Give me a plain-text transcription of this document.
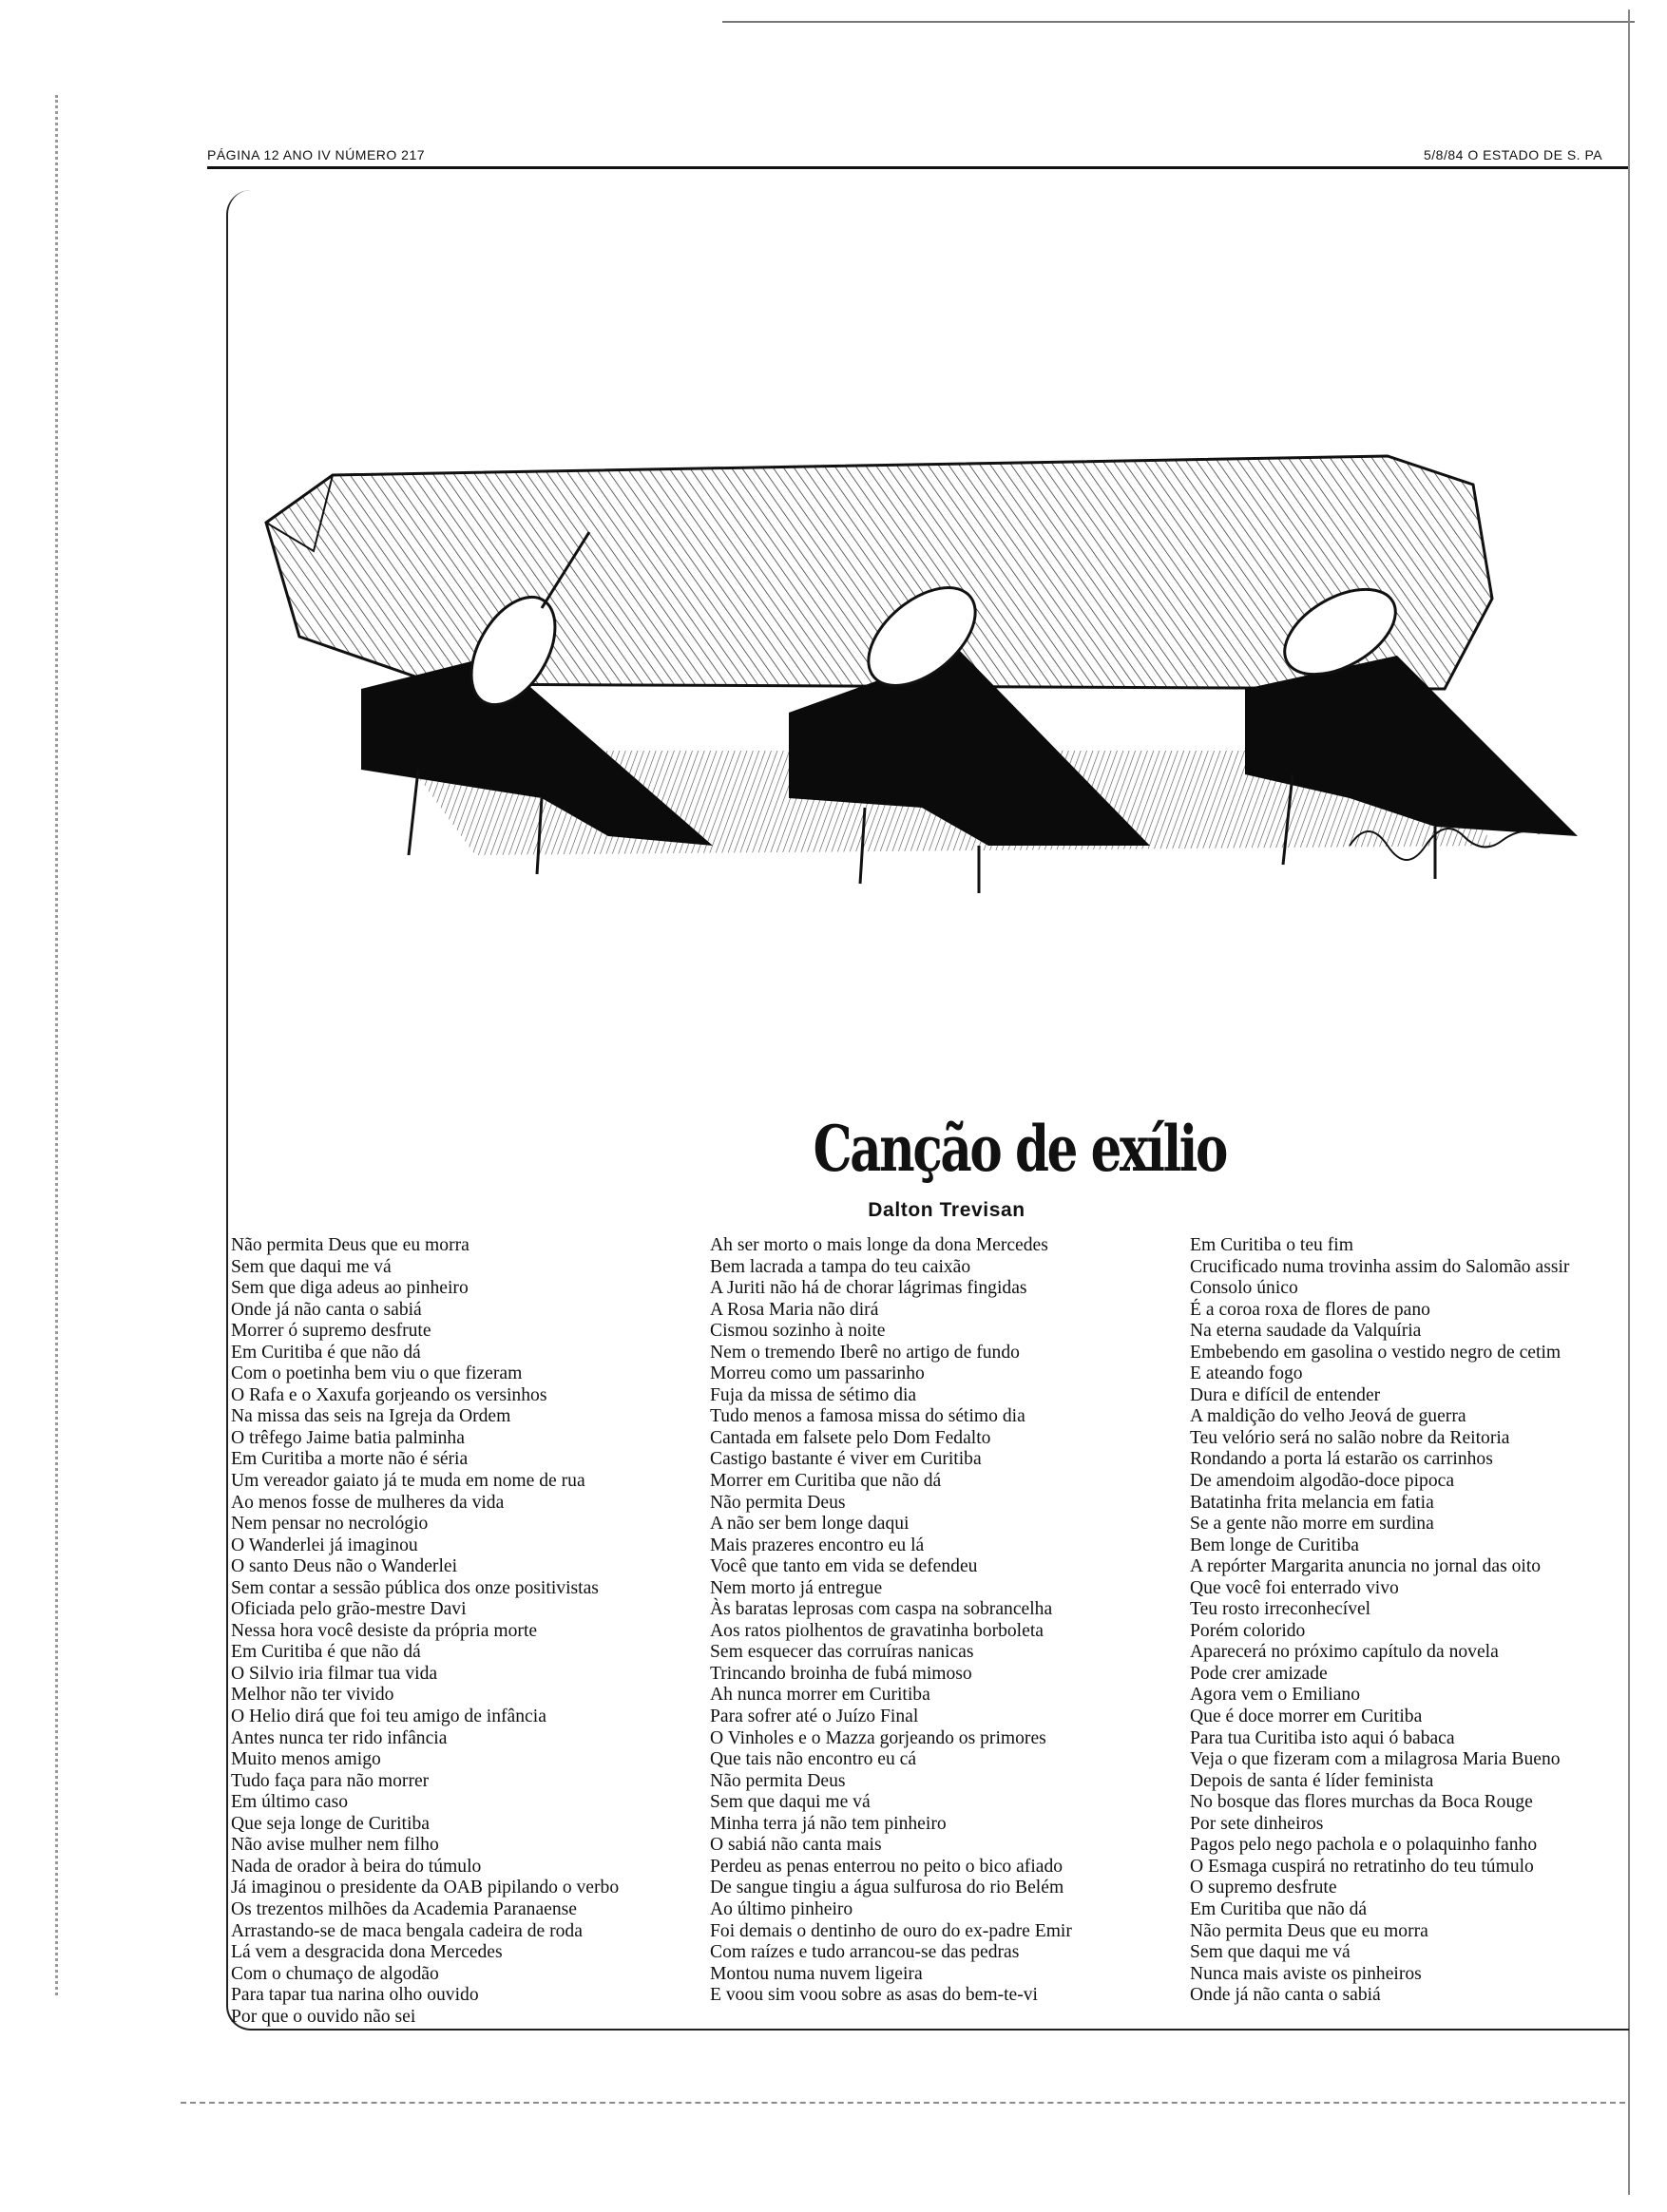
PÁGINA 12 ANO IV NÚMERO 217	5/8/84 O ESTADO DE S. PA
Canção de exílio
Dalton Trevisan
Não permita Deus que eu morra
Sem que daqui me vá
Sem que diga adeus ao pinheiro
Onde já não canta o sabiá
Morrer ó supremo desfrute
Em Curitiba é que não dá
Com o poetinha bem viu o que fizeram
O Rafa e o Xaxufa gorjeando os versinhos
Na missa das seis na Igreja da Ordem
O trêfego Jaime batia palminha
Em Curitiba a morte não é séria
Um vereador gaiato já te muda em nome de rua
Ao menos fosse de mulheres da vida
Nem pensar no necrológio
O Wanderlei já imaginou
O santo Deus não o Wanderlei
Sem contar a sessão pública dos onze positivistas
Oficiada pelo grão-mestre Davi
Nessa hora você desiste da própria morte
Em Curitiba é que não dá
O Silvio iria filmar tua vida
Melhor não ter vivido
O Helio dirá que foi teu amigo de infância
Antes nunca ter rido infância
Muito menos amigo
Tudo faça para não morrer
Em último caso
Que seja longe de Curitiba
Não avise mulher nem filho
Nada de orador à beira do túmulo
Já imaginou o presidente da OAB pipilando o verbo
Os trezentos milhões da Academia Paranaense
Arrastando-se de maca bengala cadeira de roda
Lá vem a desgracida dona Mercedes
Com o chumaço de algodão
Para tapar tua narina olho ouvido
Por que o ouvido não sei
Ah ser morto o mais longe da dona Mercedes
Bem lacrada a tampa do teu caixão
A Juriti não há de chorar lágrimas fingidas
A Rosa Maria não dirá
Cismou sozinho à noite
Nem o tremendo Iberê no artigo de fundo
Morreu como um passarinho
Fuja da missa de sétimo dia
Tudo menos a famosa missa do sétimo dia
Cantada em falsete pelo Dom Fedalto
Castigo bastante é viver em Curitiba
Morrer em Curitiba que não dá
Não permita Deus
A não ser bem longe daqui
Mais prazeres encontro eu lá
Você que tanto em vida se defendeu
Nem morto já entregue
Às baratas leprosas com caspa na sobrancelha
Aos ratos piolhentos de gravatinha borboleta
Sem esquecer das corruíras nanicas
Trincando broinha de fubá mimoso
Ah nunca morrer em Curitiba
Para sofrer até o Juízo Final
O Vinholes e o Mazza gorjeando os primores
Que tais não encontro eu cá
Não permita Deus
Sem que daqui me vá
Minha terra já não tem pinheiro
O sabiá não canta mais
Perdeu as penas enterrou no peito o bico afiado
De sangue tingiu a água sulfurosa do rio Belém
Ao último pinheiro
Foi demais o dentinho de ouro do ex-padre Emir
Com raízes e tudo arrancou-se das pedras
Montou numa nuvem ligeira
E voou sim voou sobre as asas do bem-te-vi
Em Curitiba o teu fim
Crucificado numa trovinha assim do Salomão assir
Consolo único
É a coroa roxa de flores de pano
Na eterna saudade da Valquíria
Embebendo em gasolina o vestido negro de cetim
E ateando fogo
Dura e difícil de entender
A maldição do velho Jeová de guerra
Teu velório será no salão nobre da Reitoria
Rondando a porta lá estarão os carrinhos
De amendoim algodão-doce pipoca
Batatinha frita melancia em fatia
Se a gente não morre em surdina
Bem longe de Curitiba
A repórter Margarita anuncia no jornal das oito
Que você foi enterrado vivo
Teu rosto irreconhecível
Porém colorido
Aparecerá no próximo capítulo da novela
Pode crer amizade
Agora vem o Emiliano
Que é doce morrer em Curitiba
Para tua Curitiba isto aqui ó babaca
Veja o que fizeram com a milagrosa Maria Bueno
Depois de santa é líder feminista
No bosque das flores murchas da Boca Rouge
Por sete dinheiros
Pagos pelo nego pachola e o polaquinho fanho
O Esmaga cuspirá no retratinho do teu túmulo
O supremo desfrute
Em Curitiba que não dá
Não permita Deus que eu morra
Sem que daqui me vá
Nunca mais aviste os pinheiros
Onde já não canta o sabiá
